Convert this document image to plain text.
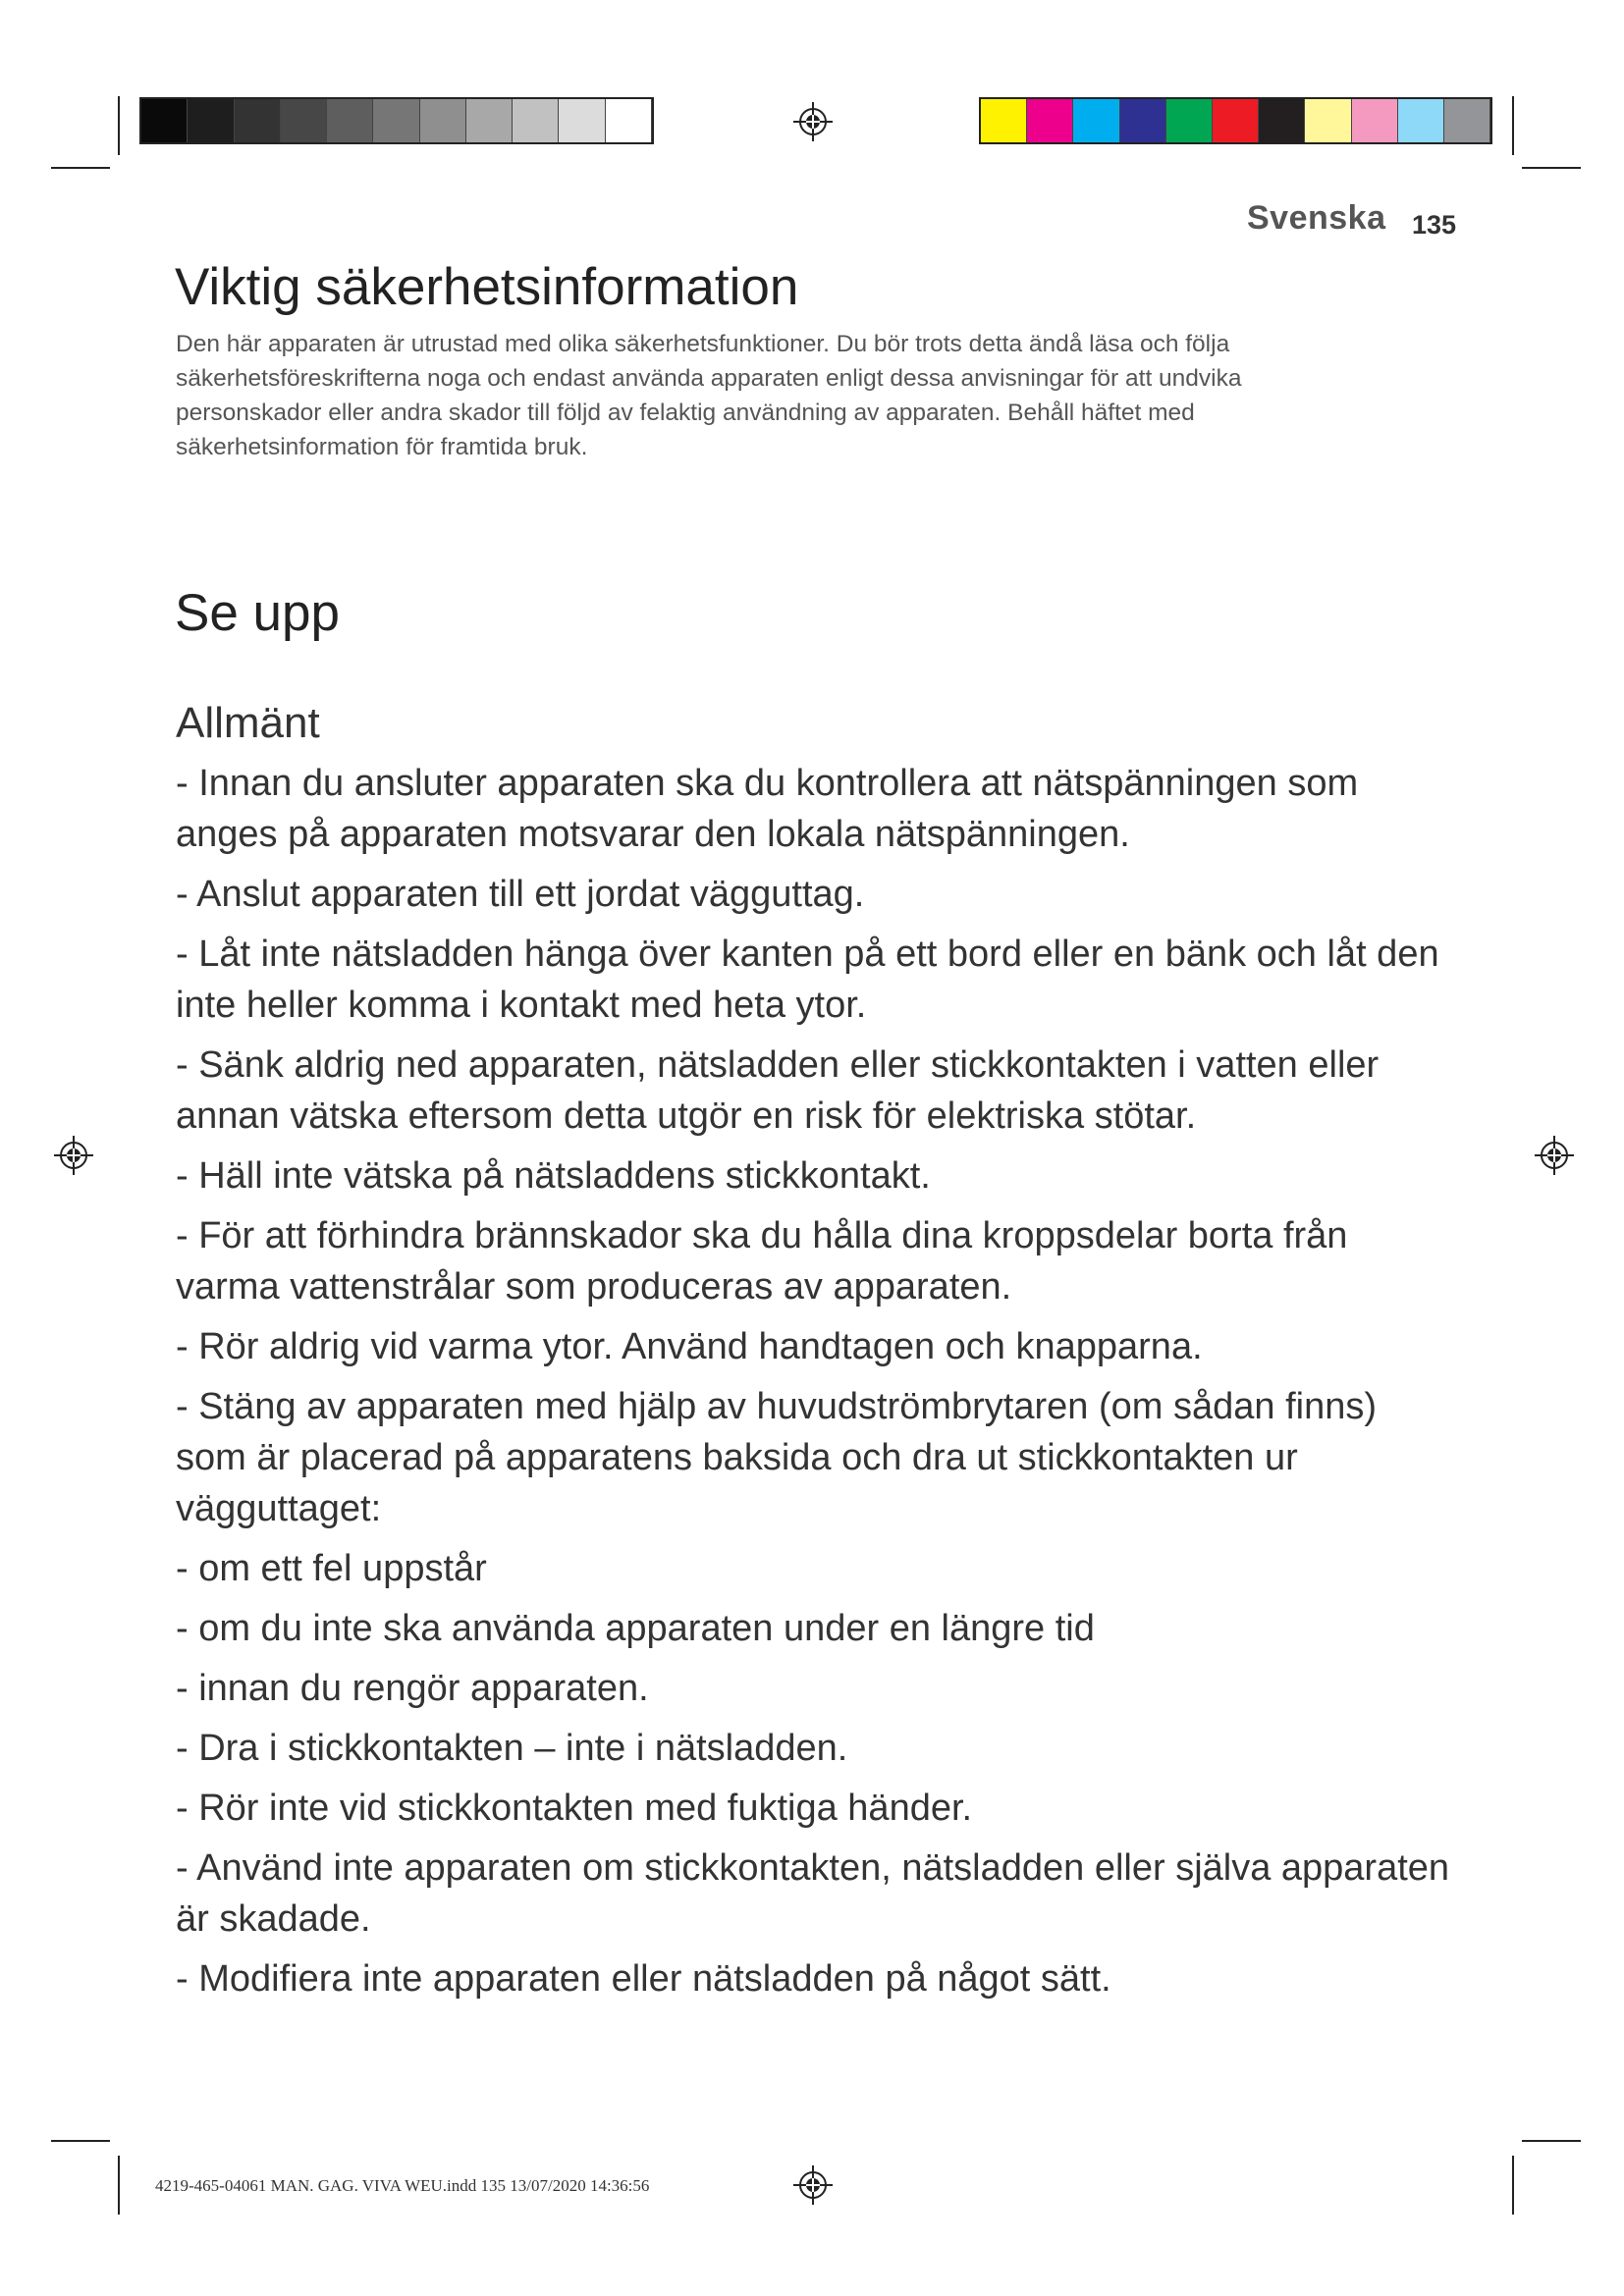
Svenska 135
Viktig säkerhetsinformation

Den här apparaten är utrustad med olika säkerhetsfunktioner. Du bör trots detta ändå läsa och följa säkerhetsföreskrifterna noga och endast använda apparaten enligt dessa anvisningar för att undvika personskador eller andra skador till följd av felaktig användning av apparaten. Behåll häftet med säkerhetsinformation för framtida bruk.

Se upp
Allmänt
- Innan du ansluter apparaten ska du kontrollera att nätspänningen som anges på apparaten motsvarar den lokala nätspänningen.
- Anslut apparaten till ett jordat vägguttag.
- Låt inte nätsladden hänga över kanten på ett bord eller en bänk och låt den inte heller komma i kontakt med heta ytor.
- Sänk aldrig ned apparaten, nätsladden eller stickkontakten i vatten eller annan vätska eftersom detta utgör en risk för elektriska stötar.
- Häll inte vätska på nätsladdens stickkontakt.
- För att förhindra brännskador ska du hålla dina kroppsdelar borta från varma vattenstrålar som produceras av apparaten.
- Rör aldrig vid varma ytor. Använd handtagen och knapparna.
- Stäng av apparaten med hjälp av huvudströmbrytaren (om sådan finns) som är placerad på apparatens baksida och dra ut stickkontakten ur vägguttaget:
- om ett fel uppstår
- om du inte ska använda apparaten under en längre tid
- innan du rengör apparaten.
- Dra i stickkontakten – inte i nätsladden.
- Rör inte vid stickkontakten med fuktiga händer.
- Använd inte apparaten om stickkontakten, nätsladden eller själva apparaten är skadade.
- Modifiera inte apparaten eller nätsladden på något sätt.
4219-465-04061 MAN. GAG. VIVA WEU.indd 135 13/07/2020 14:36:56
